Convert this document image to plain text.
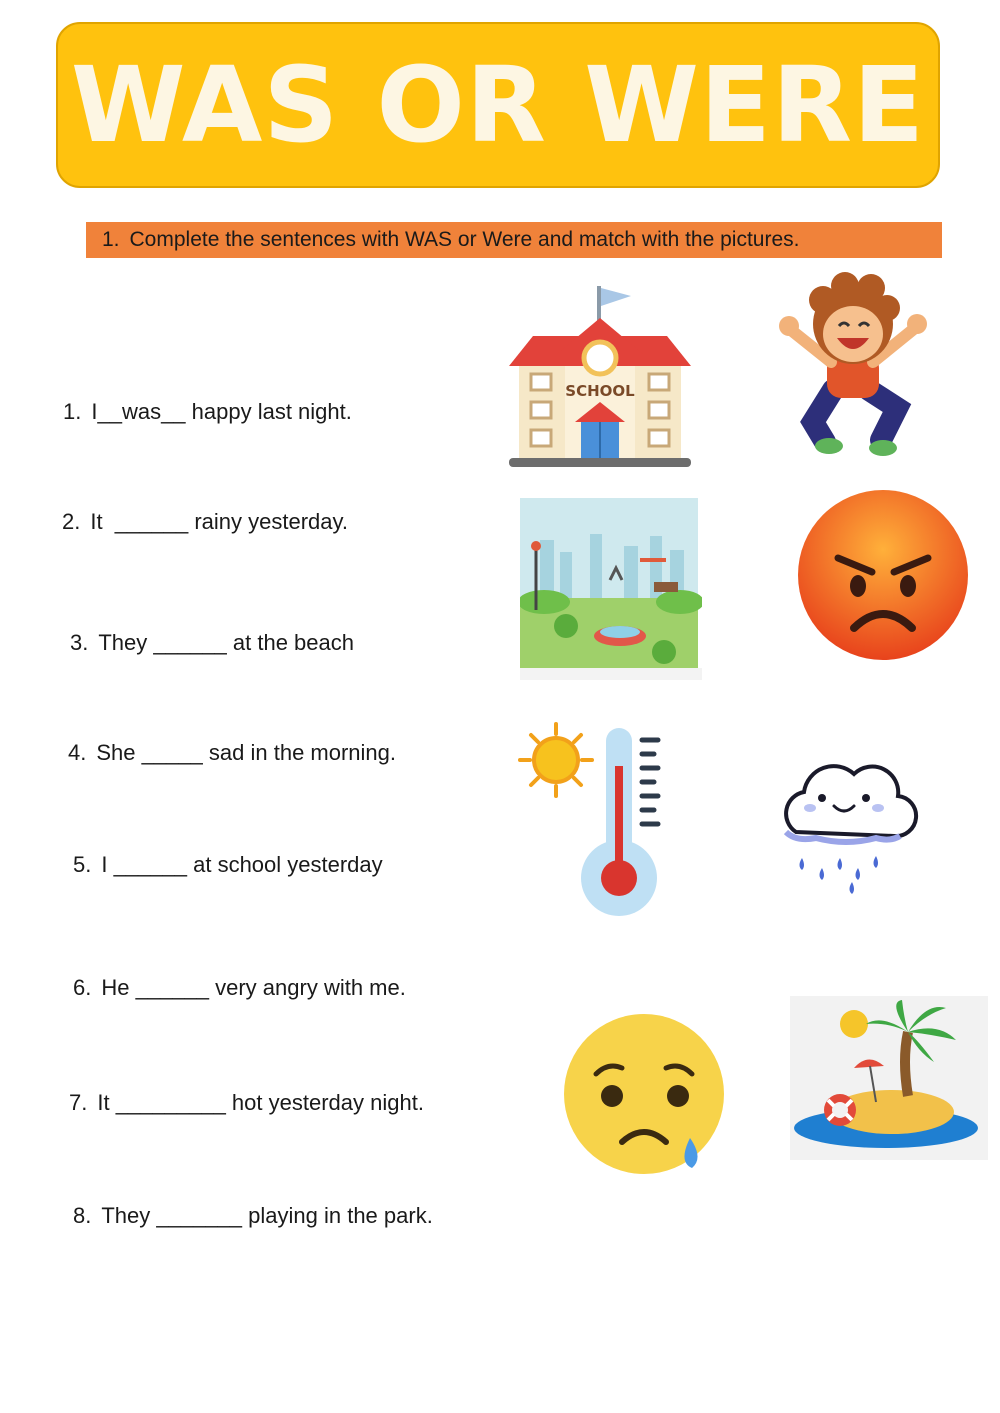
WAS OR WERE
1. Complete the sentences with WAS or Were and match with the pictures.
1. I__was__ happy last night.
2. It  ______ rainy yesterday.
3. They ______ at the beach
4. She _____ sad in the morning.
5. I ______ at school yesterday
6. He ______ very angry with me.
7. It _________ hot yesterday night.
8. They _______ playing in the park.
SCHOOL
